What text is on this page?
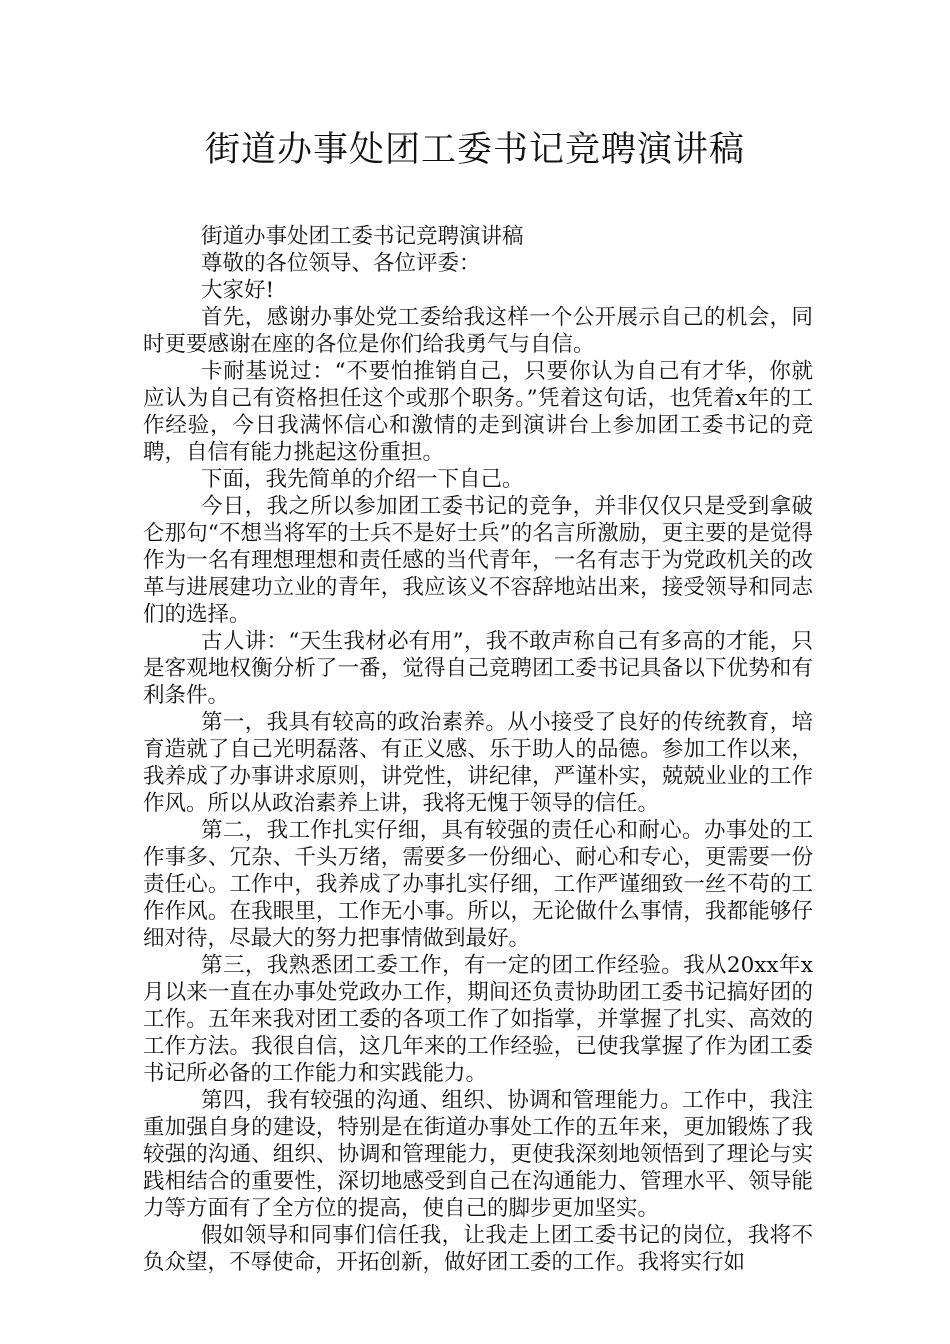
街道办事处团工委书记竞聘演讲稿

街道办事处团工委书记竞聘演讲稿

尊敬的各位领导、各位评委：

大家好!

首先，感谢办事处党工委给我这样一个公开展示自己的机会，同时更要感谢在座的各位是你们给我勇气与自信。

卡耐基说过：“不要怕推销自己，只要你认为自己有才华，你就应认为自己有资格担任这个或那个职务。”凭着这句话，也凭着x年的工作经验，今日我满怀信心和激情的走到演讲台上参加团工委书记的竞聘，自信有能力挑起这份重担。

下面，我先简单的介绍一下自己。

今日，我之所以参加团工委书记的竞争，并非仅仅只是受到拿破仑那句“不想当将军的士兵不是好士兵”的名言所激励，更主要的是觉得作为一名有理想理想和责任感的当代青年，一名有志于为党政机关的改革与进展建功立业的青年，我应该义不容辞地站出来，接受领导和同志们的选择。

古人讲：“天生我材必有用”，我不敢声称自己有多高的才能，只是客观地权衡分析了一番，觉得自己竞聘团工委书记具备以下优势和有利条件。

第一，我具有较高的政治素养。从小接受了良好的传统教育，培育造就了自己光明磊落、有正义感、乐于助人的品德。参加工作以来，我养成了办事讲求原则，讲党性，讲纪律，严谨朴实，兢兢业业的工作作风。所以从政治素养上讲，我将无愧于领导的信任。

第二，我工作扎实仔细，具有较强的责任心和耐心。办事处的工作事多、冗杂、千头万绪，需要多一份细心、耐心和专心，更需要一份责任心。工作中，我养成了办事扎实仔细，工作严谨细致一丝不苟的工作作风。在我眼里，工作无小事。所以，无论做什么事情，我都能够仔细对待，尽最大的努力把事情做到最好。

第三，我熟悉团工委工作，有一定的团工作经验。我从20xx年x月以来一直在办事处党政办工作，期间还负责协助团工委书记搞好团的工作。五年来我对团工委的各项工作了如指掌，并掌握了扎实、高效的工作方法。我很自信，这几年来的工作经验，已使我掌握了作为团工委书记所必备的工作能力和实践能力。

第四，我有较强的沟通、组织、协调和管理能力。工作中，我注重加强自身的建设，特别是在街道办事处工作的五年来，更加锻炼了我较强的沟通、组织、协调和管理能力，更使我深刻地领悟到了理论与实践相结合的重要性，深切地感受到自己在沟通能力、管理水平、领导能力等方面有了全方位的提高，使自己的脚步更加坚实。

假如领导和同事们信任我，让我走上团工委书记的岗位，我将不负众望，不辱使命，开拓创新，做好团工委的工作。我将实行如
